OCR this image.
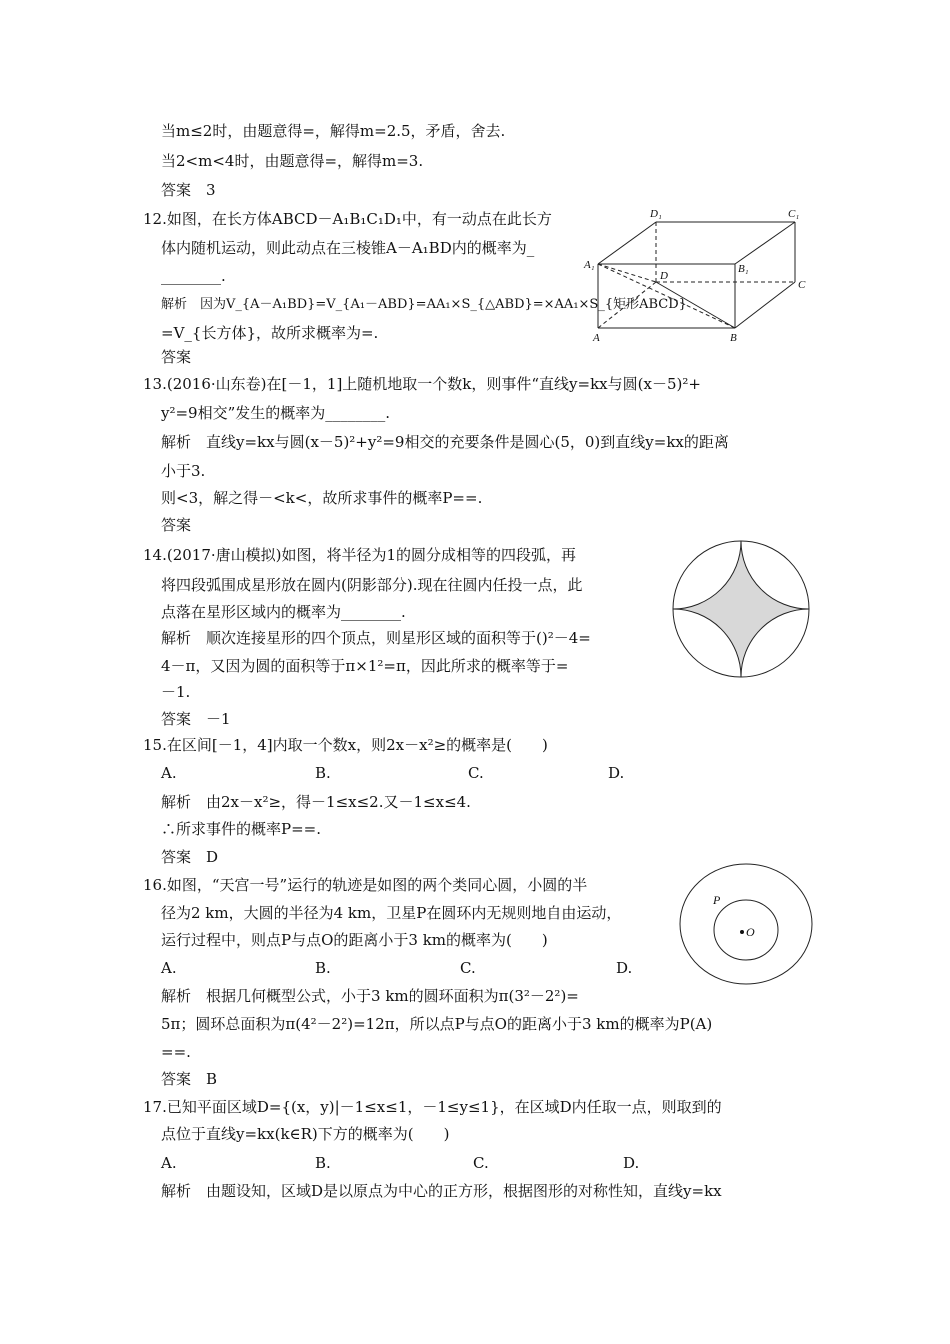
当m≤2时，由题意得=，解得m=2.5，矛盾，舍去.
当2<m<4时，由题意得=，解得m=3.
答案　3
12.如图，在长方体ABCD－A₁B₁C₁D₁中，有一动点在此长方
体内随机运动，则此动点在三棱锥A－A₁BD内的概率为_
________.
解析　因为V_{A－A₁BD}=V_{A₁－ABD}=AA₁×S_{△ABD}=×AA₁×S_{矩形ABCD}
=V_{长方体}，故所求概率为=.
答案
D₁	C₁
A₁	B₁
D
C
A	B
13.(2016·山东卷)在[－1，1]上随机地取一个数k，则事件“直线y=kx与圆(x－5)²+
y²=9相交”发生的概率为________.
解析　直线y=kx与圆(x－5)²+y²=9相交的充要条件是圆心(5，0)到直线y=kx的距离
小于3.
则<3，解之得－<k<，故所求事件的概率P==.
答案
14.(2017·唐山模拟)如图，将半径为1的圆分成相等的四段弧，再
将四段弧围成星形放在圆内(阴影部分).现在往圆内任投一点，此
点落在星形区域内的概率为________.
解析　顺次连接星形的四个顶点，则星形区域的面积等于()²－4=
4－π，又因为圆的面积等于π×1²=π，因此所求的概率等于=
－1.
答案　－1
15.在区间[－1，4]内取一个数x，则2x－x²≥的概率是(　　)
A.	B.	C.	D.
解析　由2x－x²≥，得－1≤x≤2.又－1≤x≤4.
∴所求事件的概率P==.
答案　D
16.如图，“天宫一号”运行的轨迹是如图的两个类同心圆，小圆的半
径为2 km，大圆的半径为4 km，卫星P在圆环内无规则地自由运动，
运行过程中，则点P与点O的距离小于3 km的概率为(　　)
A.	B.	C.	D.
解析　根据几何概型公式，小于3 km的圆环面积为π(3²－2²)=
5π；圆环总面积为π(4²－2²)=12π，所以点P与点O的距离小于3 km的概率为P(A)
==.
答案　B
P
O
17.已知平面区域D={(x，y)|－1≤x≤1，－1≤y≤1}，在区域D内任取一点，则取到的
点位于直线y=kx(k∈R)下方的概率为(　　)
A.	B.	C.	D.
解析　由题设知，区域D是以原点为中心的正方形，根据图形的对称性知，直线y=kx
